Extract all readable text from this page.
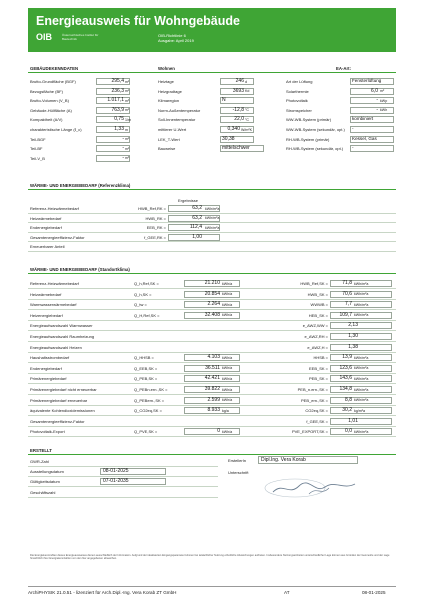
Energieausweis für Wohngebäude
OIB	Österreichisches Institut für Bautechnik
OIB-Richtlinie 6
Ausgabe: April 2019
GEBÄUDEKENNDATEN	Wohnen	EA-Art:
Brutto-Grundfläche (BGF)	295,4 m²
Bezugsfläche (BF)	236,3 m²
Brutto-Volumen (V_B)	1.017,1 m³
Gebäude-Hüllfläche (A)	763,9 m²
Kompaktheit (A/V)	0,75 1/m
charakteristische Länge (ℓ_c)	1,33 m
Teil-BGF	- m²
Teil-BF	- m²
Teil-V_B	- m³
Heiztage	246 d
Heizgradtage	3693 Kd
Klimaregion	N
Norm-Außentemperatur	-12,8 °C
Soll-Innentemperatur	22,0 °C
mittlerer U-Wert	0,340 W/m²K
LEK_T-Wert	30,38
Bauweise	mittelschwer
Art der Lüftung	Fensterlüftung
Solarthermie	6,0 m²
Photovoltaik	- kWp
Stromspeicher	- kWh
WW-WB-System (primär)	kombiniert
WW-WB-System (sekundär, opt.) -
RH-WB-System (primär)	Kessel, Gas
RH-WB-System (sekundär, opt.) -
WÄRME- UND ENERGIEBEDARF (Referenzklima)
Ergebnisse
Referenz-Heizwärmebedarf	HWB_Ref,RK =	63,2 kWh/m²a
Heizwärmebedarf	HWB_RK =	63,2 kWh/m²a
Endenergiebedarf	EEB_RK =	112,4 kWh/m²a
Gesamtenergieeffizienz-Faktor	f_GEE,RK =	1,00
Erneuerbarer Anteil
WÄRME- UND ENERGIEBEDARF (Standortklima)
Referenz-Heizwärmebedarf	Q_h,Ref,SK =	21.210 kWh/a	HWB_Ref,SK =	71,8 kWh/m²a
Heizwärmebedarf	Q_h,SK =	20.854 kWh/a	HWB_SK =	70,6 kWh/m²a
Warmwasserwärmebedarf	Q_tw =	2.264 kWh/a	WWWB =	7,7 kWh/m²a
Heizenergiebedarf	Q_H,Ref,SK =	32.408 kWh/a	HEB_SK =	109,7 kWh/m²a
Energieaufwandszahl Warmwasser	e_AWZ,WW =	2,13
Energieaufwandszahl Raumheizung	e_AWZ,RH =	1,30
Energieaufwandszahl Heizen	e_AWZ,H =	1,38
Haushaltsstrombedarf	Q_HHSB =	4.103 kWh/a	HHSB =	13,9 kWh/m²a
Endenergiebedarf	Q_EEB,SK =	36.511 kWh/a	EEB_SK =	123,6 kWh/m²a
Primärenergiebedarf	Q_PEB,SK =	42.421 kWh/a	PEB_SK =	143,6 kWh/m²a
Primärenergiebedarf nicht erneuerbar	Q_PEBn.ern.,SK =	39.822 kWh/a	PEB_n.ern.,SK =	134,8 kWh/m²a
Primärenergiebedarf erneuerbar	Q_PEBern.,SK =	2.599 kWh/a	PEB_ern.,SK =	8,8 kWh/m²a
äquivalente Kohlendioxidemissionen	Q_CO2eq,SK =	8.933 kg/a	CO2eq,SK =	30,2 kg/m²a
Gesamtenergieeffizienz-Faktor	f_GEE,SK =	1,01
Photovoltaik-Export	Q_PVE,SK =	0 kWh/a	PVE_EXPORT,SK =	0,0 kWh/m²a
ERSTELLT
GWR-Zahl
Ausstellungsdatum	08-01-2025
Gültigkeitsdatum	07-01-2035
Geschäftszahl
ErstellerIn	Dipl.Ing. Vera Korab
Unterschrift
Die Energiekennzahlen dieses Energieausweises dienen ausschließlich der Information. Aufgrund der idealisierten Eingangsparameter können bei tatsächlicher Nutzung erhebliche Abweichungen auftreten. Insbesondere Nutzungseinheiten unterschiedlicher Lage können aus Gründen der Geometrie und der Lage hinsichtlich ihrer Energiekennzahlen von den hier angegebenen abweichen.
ArchiPHYSIK 21.0.51 - lizenziert für Arch.Dipl.-Ing. Vera Korab ZT GmbH	AT	08-01-2025
